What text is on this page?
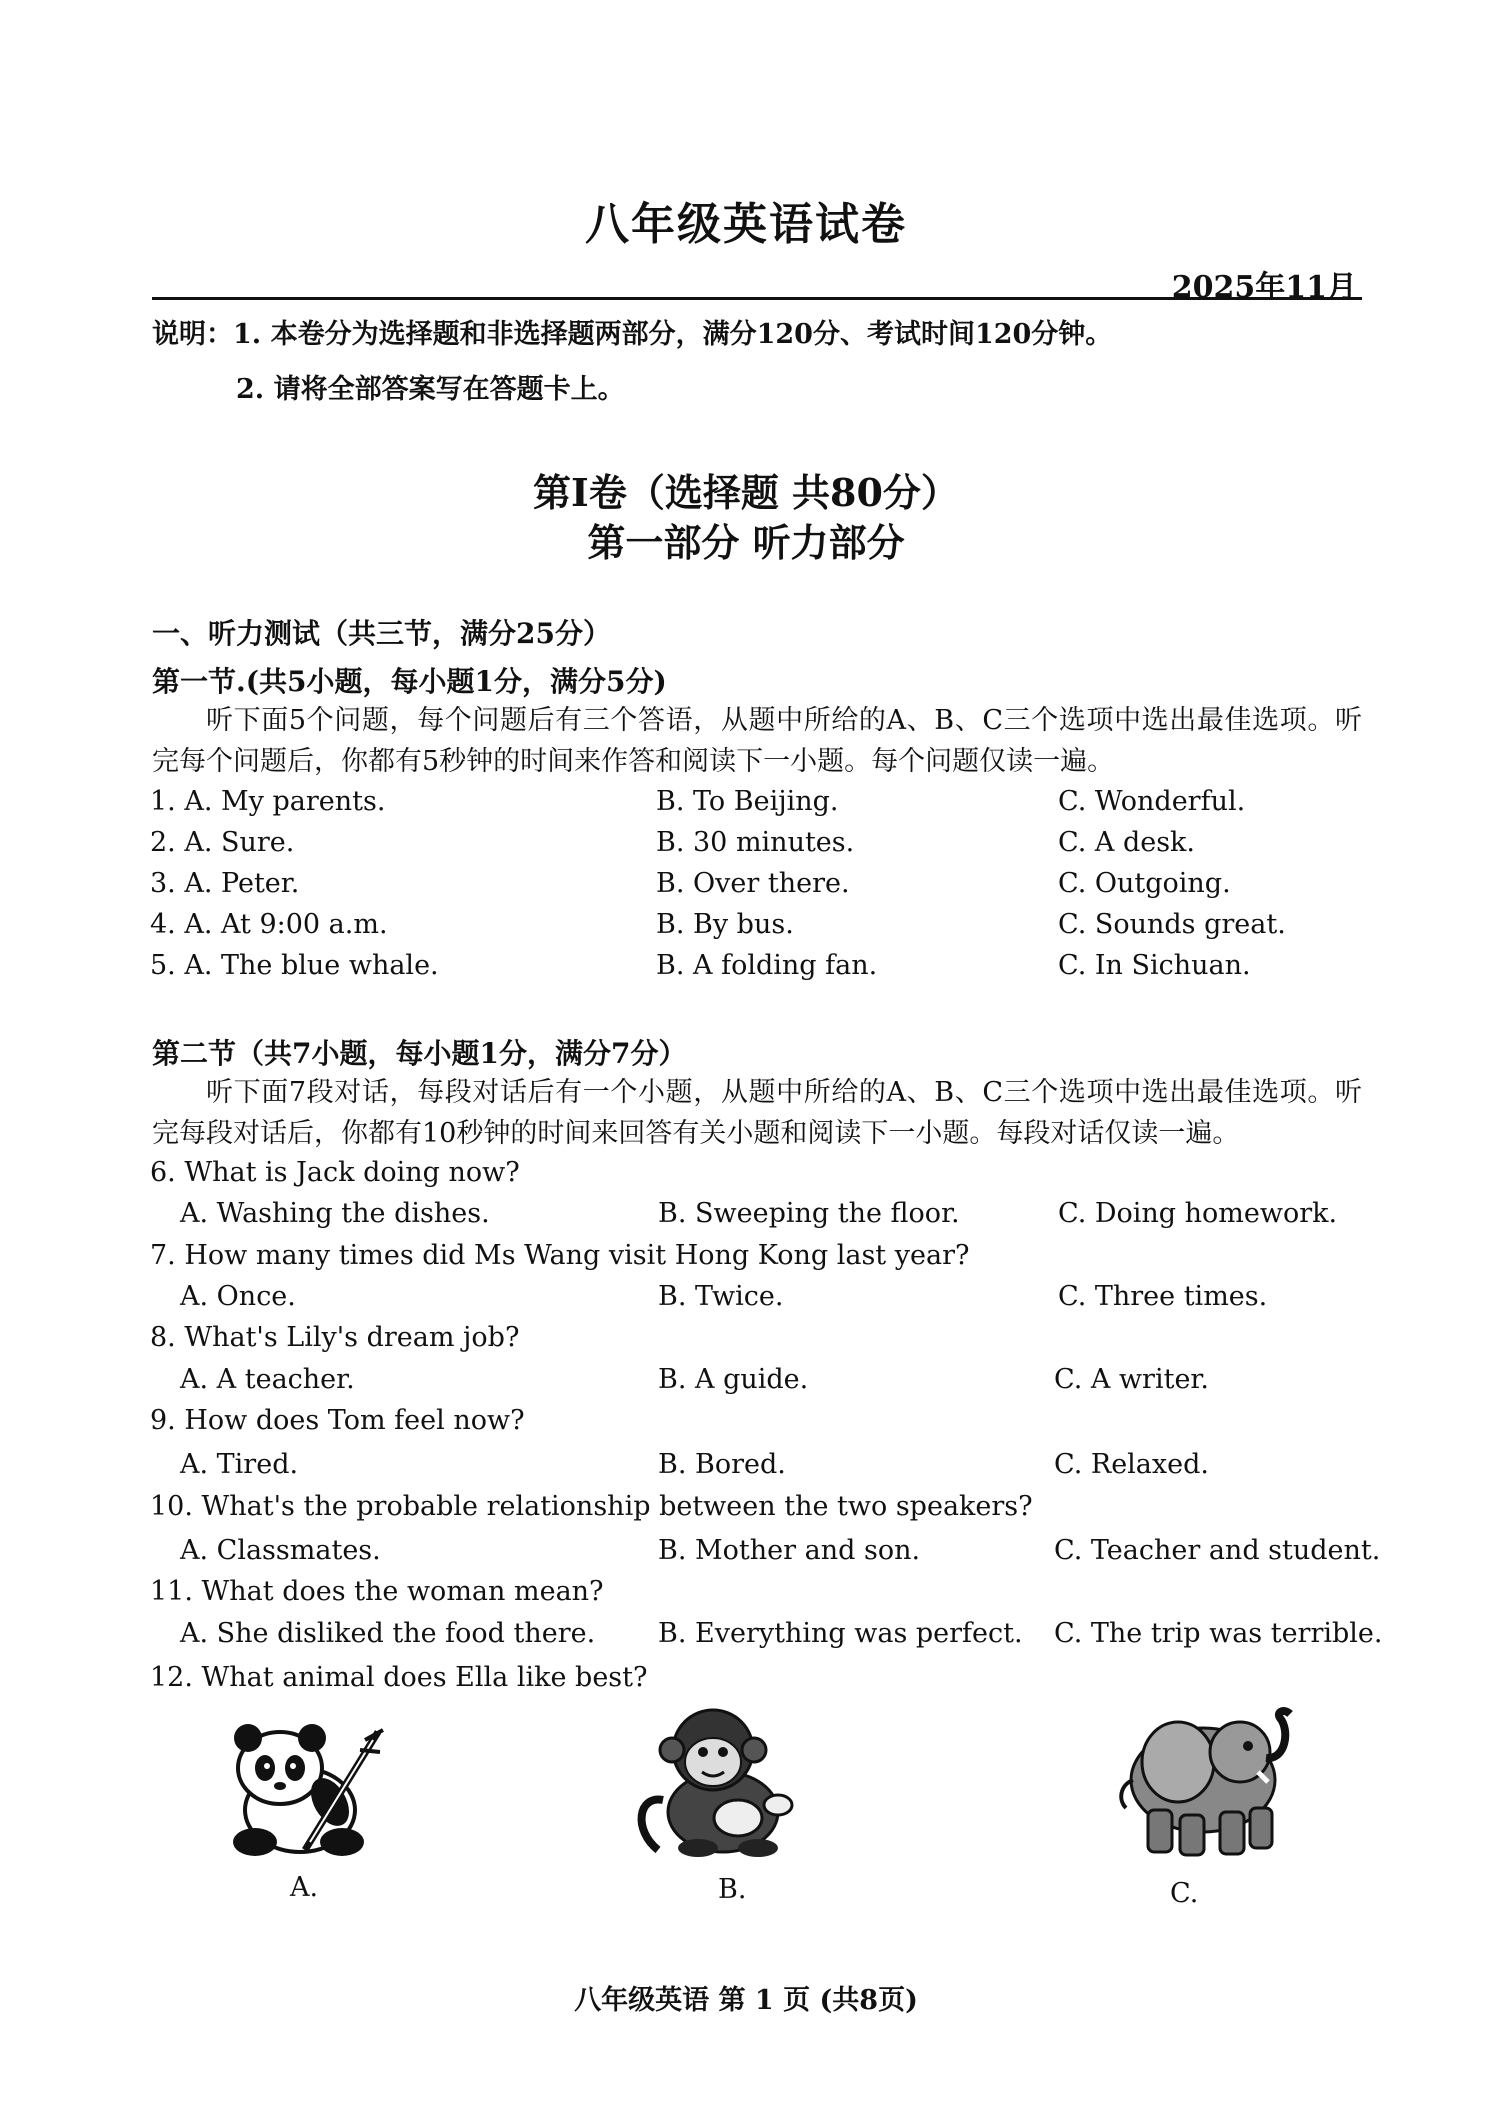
八年级英语试卷
2025年11月
说明：1. 本卷分为选择题和非选择题两部分，满分120分、考试时间120分钟。
2. 请将全部答案写在答题卡上。
第Ⅰ卷（选择题 共80分）
第一部分 听力部分
一、听力测试（共三节，满分25分）
第一节.(共5小题，每小题1分，满分5分)
听下面5个问题，每个问题后有三个答语，从题中所给的A、B、C三个选项中选出最佳选项。听完每个问题后，你都有5秒钟的时间来作答和阅读下一小题。每个问题仅读一遍。
1. A. My parents.	B. To Beijing.	C. Wonderful.
2. A. Sure.	B. 30 minutes.	C. A desk.
3. A. Peter.	B. Over there.	C. Outgoing.
4. A. At 9:00 a.m.	B. By bus.	C. Sounds great.
5. A. The blue whale.	B. A folding fan.	C. In Sichuan.
第二节（共7小题，每小题1分，满分7分）
听下面7段对话，每段对话后有一个小题，从题中所给的A、B、C三个选项中选出最佳选项。听完每段对话后，你都有10秒钟的时间来回答有关小题和阅读下一小题。每段对话仅读一遍。
6. What is Jack doing now?
A. Washing the dishes.	B. Sweeping the floor.	C. Doing homework.
7. How many times did Ms Wang visit Hong Kong last year?
A. Once.	B. Twice.	C. Three times.
8. What's Lily's dream job?
A. A teacher.	B. A guide.	C. A writer.
9. How does Tom feel now?
A. Tired.	B. Bored.	C. Relaxed.
10. What's the probable relationship between the two speakers?
A. Classmates.	B. Mother and son.	C. Teacher and student.
11. What does the woman mean?
A. She disliked the food there. B. Everything was perfect. C. The trip was terrible.
12. What animal does Ella like best?
A.	B.	C.
八年级英语 第 1 页 (共8页)
